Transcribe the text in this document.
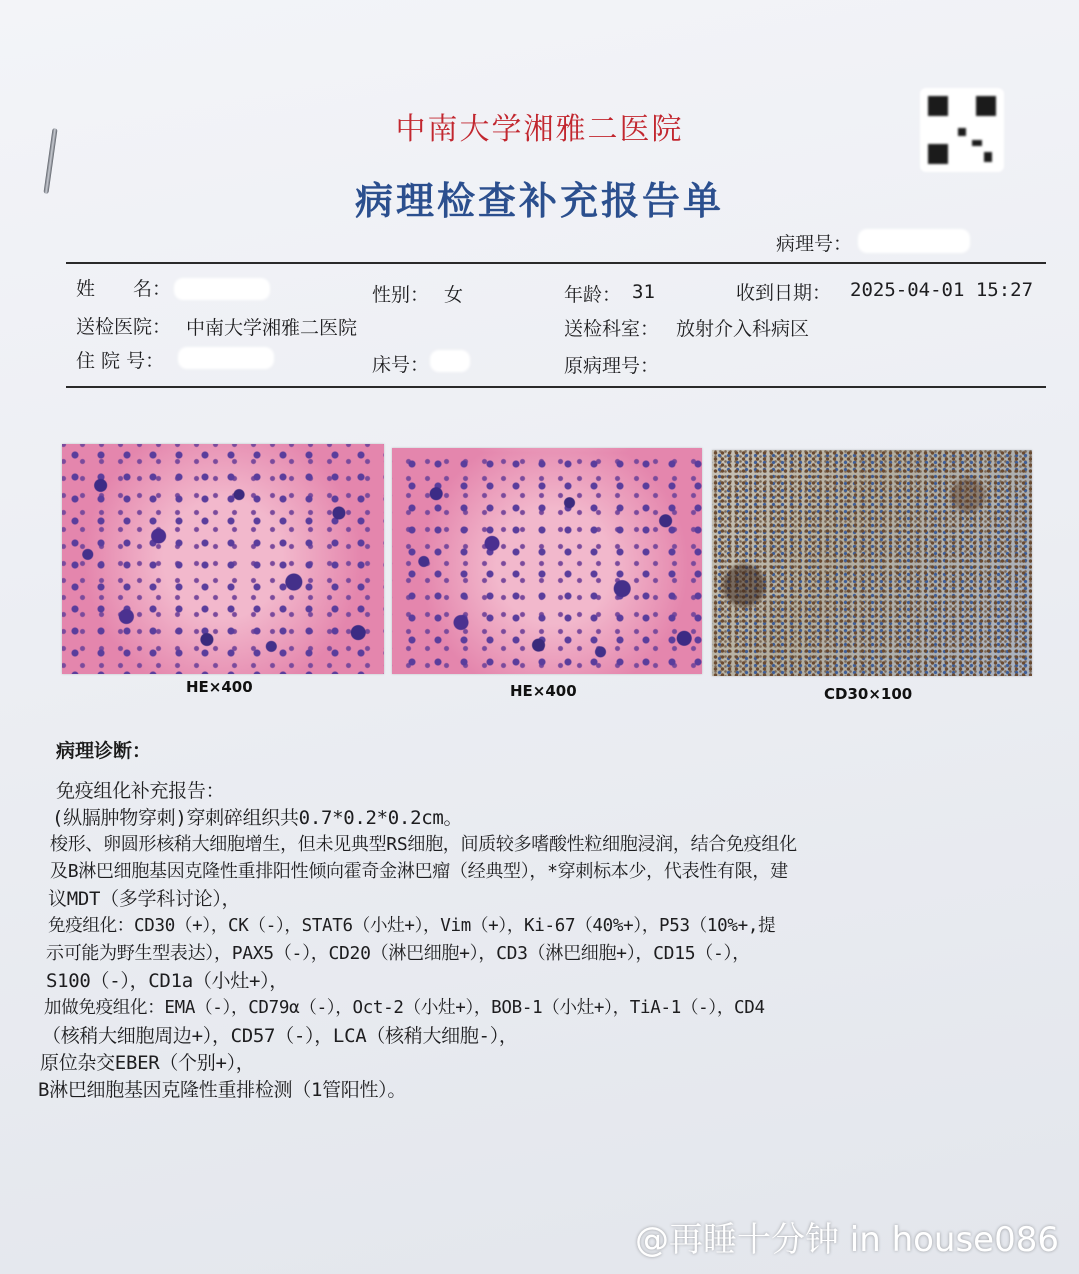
中南大学湘雅二医院
病理检查补充报告单
病理号：
姓　　名：	性别： 女	年龄： 31	收到日期： 2025-04-01 15:27
送检医院： 中南大学湘雅二医院	送检科室： 放射介入科病区
住 院 号：	床号：	原病理号：
HE×400	HE×400	CD30×100
病理诊断：
免疫组化补充报告：
(纵膈肿物穿刺)穿刺碎组织共0.7*0.2*0.2cm。
梭形、卵圆形核稍大细胞增生，但未见典型RS细胞，间质较多嗜酸性粒细胞浸润，结合免疫组化
及B淋巴细胞基因克隆性重排阳性倾向霍奇金淋巴瘤（经典型），*穿刺标本少，代表性有限，建
议MDT（多学科讨论），
免疫组化：CD30（+），CK（-），STAT6（小灶+），Vim（+），Ki-67（40%+），P53（10%+,提
示可能为野生型表达），PAX5（-），CD20（淋巴细胞+），CD3（淋巴细胞+），CD15（-），
S100（-），CD1a（小灶+），
加做免疫组化：EMA（-），CD79α（-），Oct-2（小灶+），BOB-1（小灶+），TiA-1（-），CD4
（核稍大细胞周边+），CD57（-），LCA（核稍大细胞-），
原位杂交EBER（个别+），
B淋巴细胞基因克隆性重排检测（1管阳性）。
@再睡十分钟 in house086
